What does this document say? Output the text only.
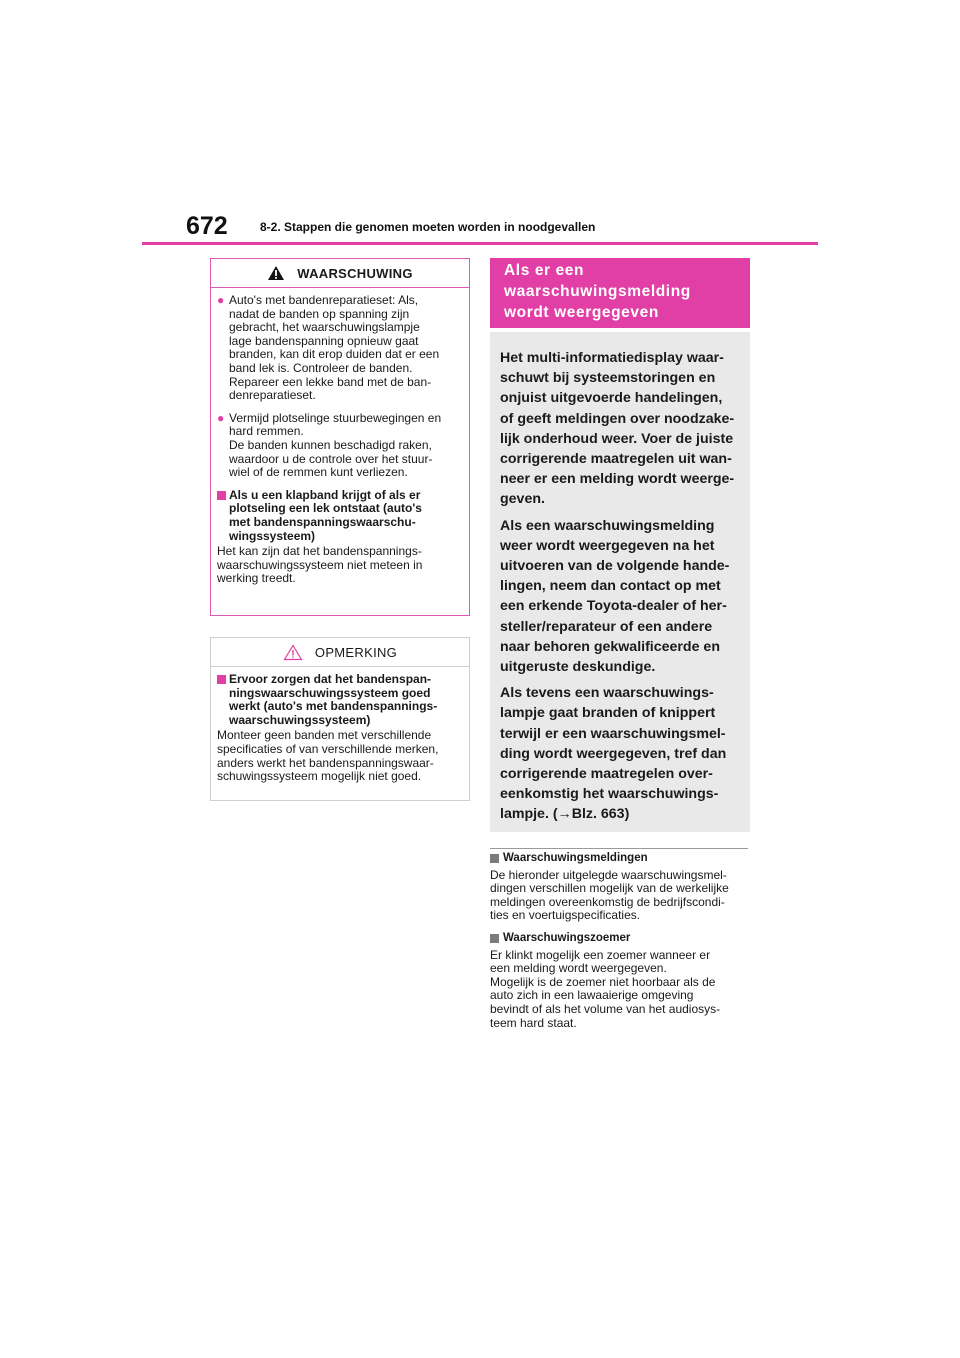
672	8-2. Stappen die genomen moeten worden in noodgevallen
WAARSCHUWING
● Auto's met bandenreparatieset: Als,
nadat de banden op spanning zijn
gebracht, het waarschuwingslampje
lage bandenspanning opnieuw gaat
branden, kan dit erop duiden dat er een
band lek is. Controleer de banden.
Repareer een lekke band met de ban-
denreparatieset.
● Vermijd plotselinge stuurbewegingen en
hard remmen.
De banden kunnen beschadigd raken,
waardoor u de controle over het stuur-
wiel of de remmen kunt verliezen.
Als u een klapband krijgt of als er
plotseling een lek ontstaat (auto's
met bandenspanningswaarschu-
wingssysteem)
Het kan zijn dat het bandenspannings-
waarschuwingssysteem niet meteen in
werking treedt.
OPMERKING
Ervoor zorgen dat het bandenspan-
ningswaarschuwingssysteem goed
werkt (auto's met bandenspannings-
waarschuwingssysteem)
Monteer geen banden met verschillende
specificaties of van verschillende merken,
anders werkt het bandenspanningswaar-
schuwingssysteem mogelijk niet goed.
Als er een
waarschuwingsmelding
wordt weergegeven

Het multi-informatiedisplay waar-
schuwt bij systeemstoringen en
onjuist uitgevoerde handelingen,
of geeft meldingen over noodzake-
lijk onderhoud weer. Voer de juiste
corrigerende maatregelen uit wan-
neer er een melding wordt weerge-
geven.

Als een waarschuwingsmelding
weer wordt weergegeven na het
uitvoeren van de volgende hande-
lingen, neem dan contact op met
een erkende Toyota-dealer of her-
steller/reparateur of een andere
naar behoren gekwalificeerde en
uitgeruste deskundige.

Als tevens een waarschuwings-
lampje gaat branden of knippert
terwijl er een waarschuwingsmel-
ding wordt weergegeven, tref dan
corrigerende maatregelen over-
eenkomstig het waarschuwings-
lampje. (→Blz. 663)

Waarschuwingsmeldingen
De hieronder uitgelegde waarschuwingsmel-
dingen verschillen mogelijk van de werkelijke
meldingen overeenkomstig de bedrijfscondi-
ties en voertuigspecificaties.
Waarschuwingszoemer
Er klinkt mogelijk een zoemer wanneer er
een melding wordt weergegeven.
Mogelijk is de zoemer niet hoorbaar als de
auto zich in een lawaaierige omgeving
bevindt of als het volume van het audiosys-
teem hard staat.
